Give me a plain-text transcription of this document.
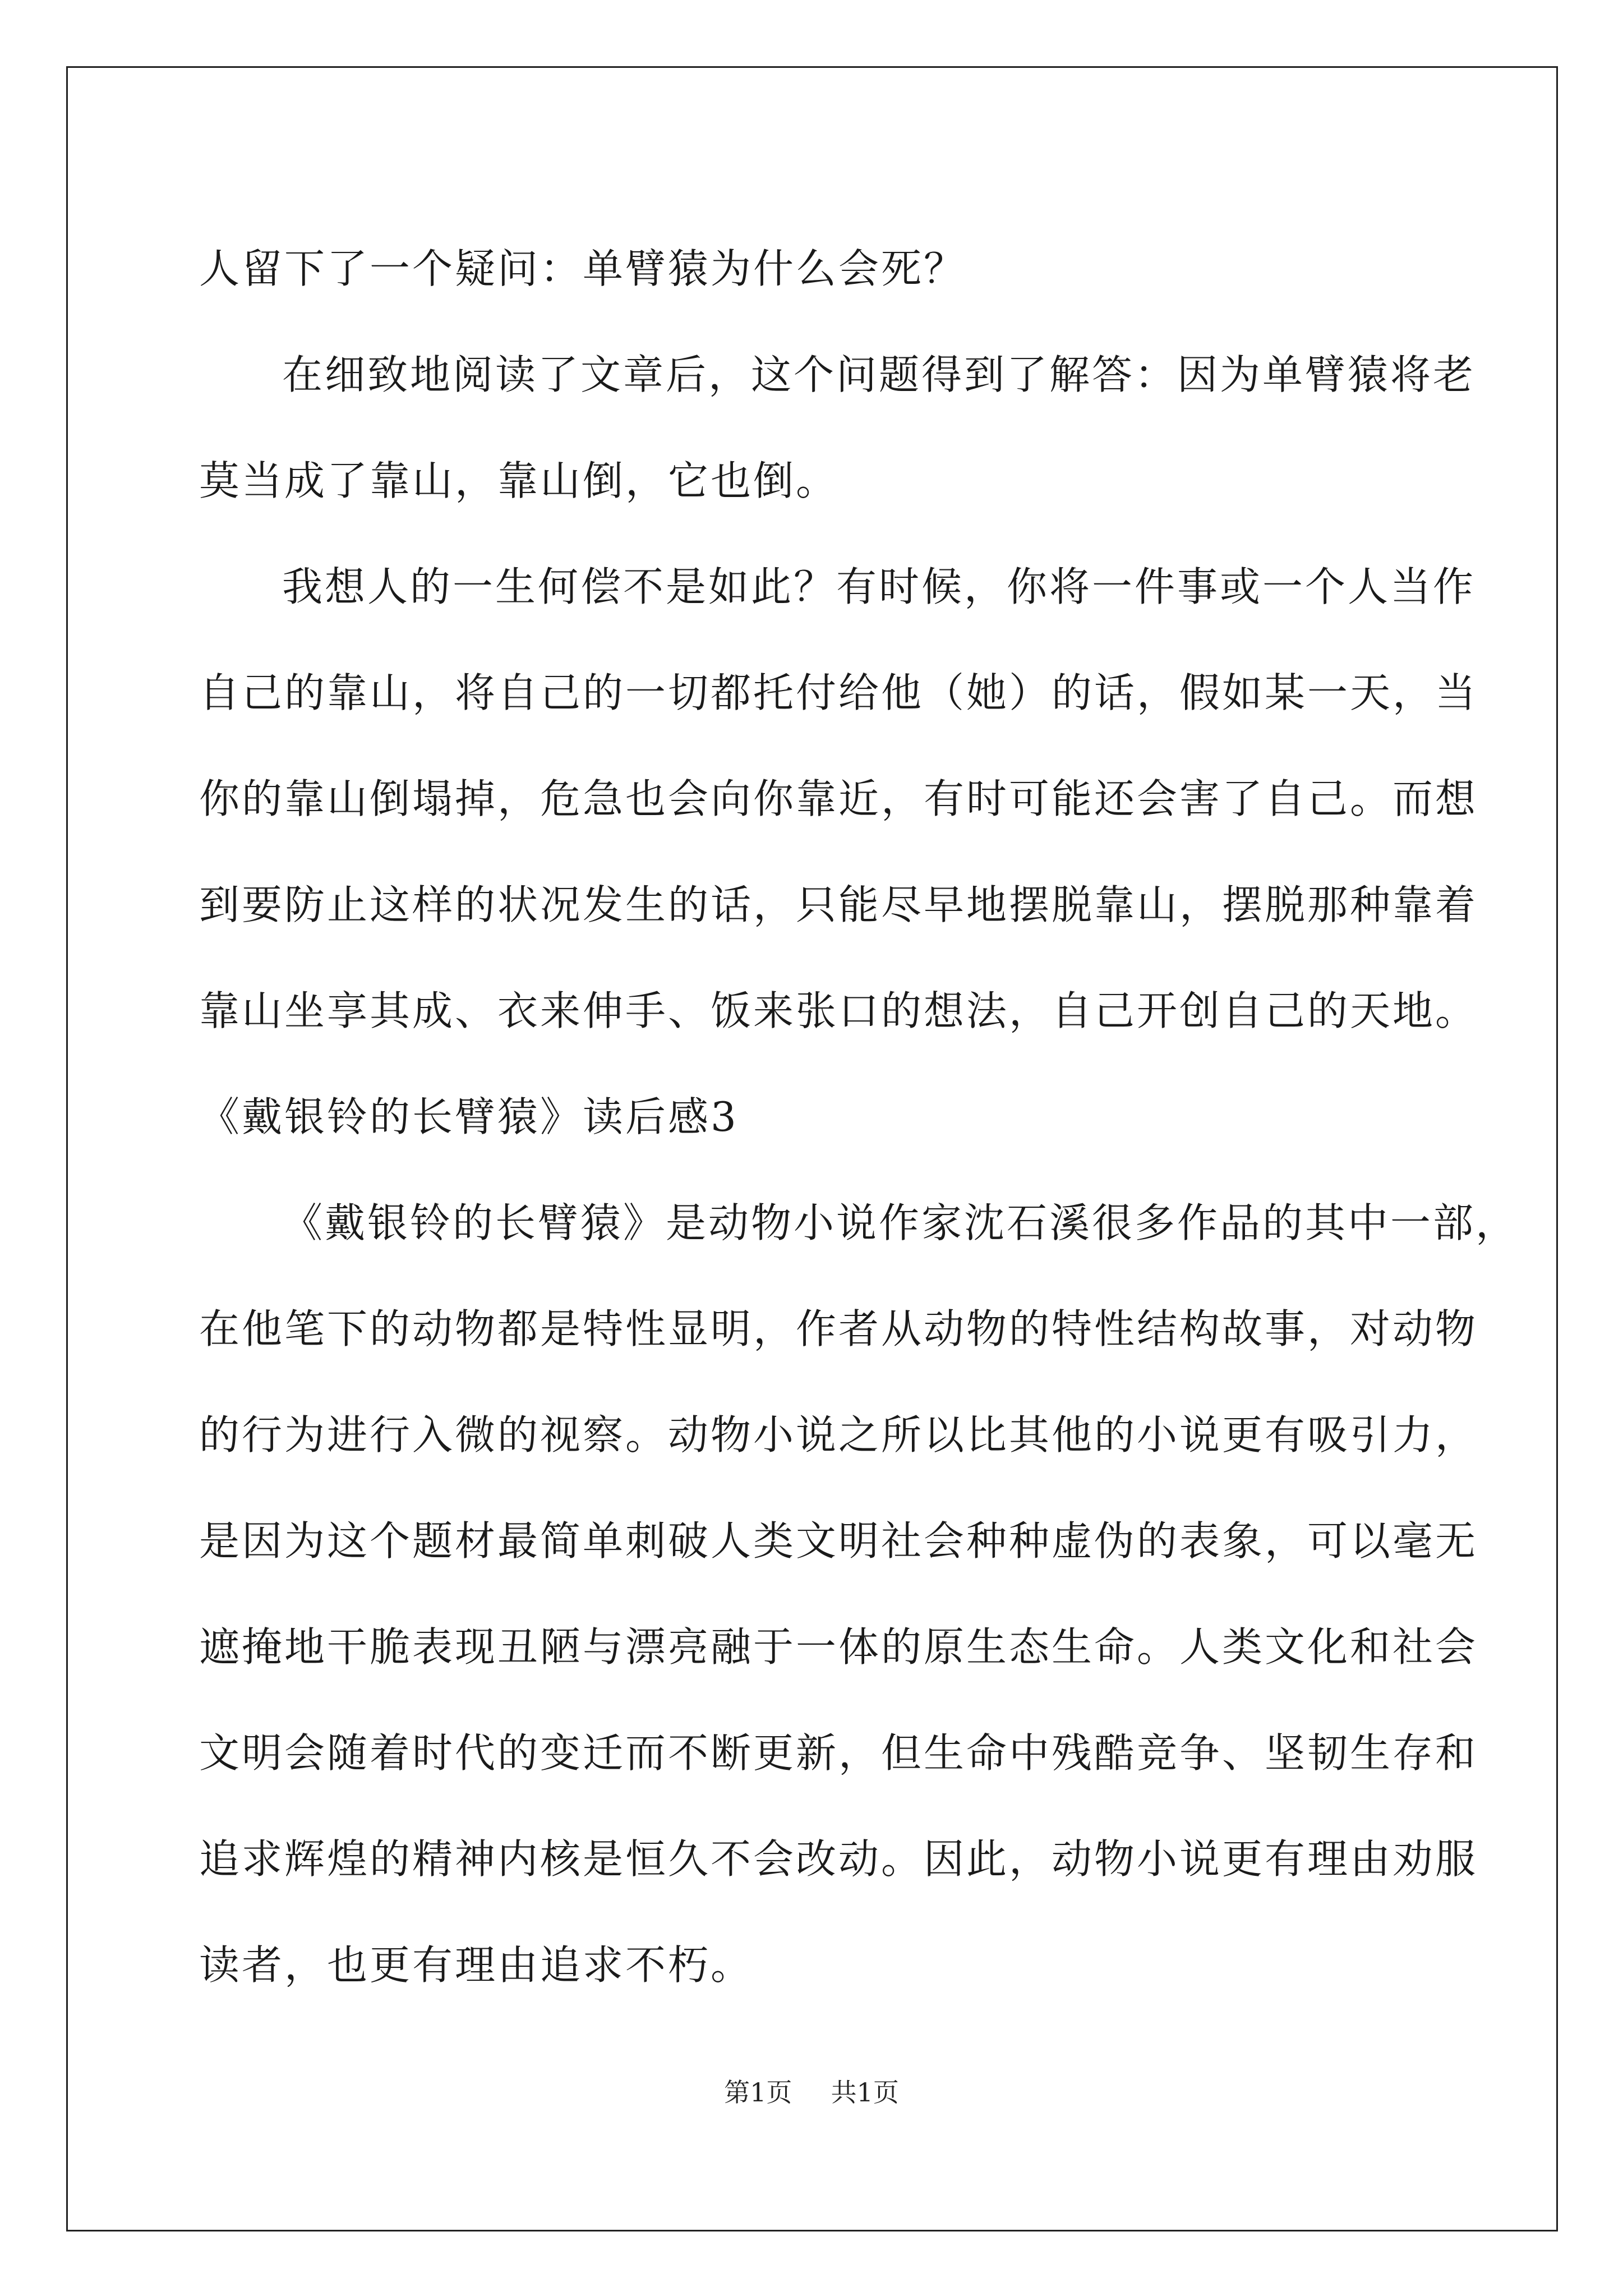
人留下了一个疑问：单臂猿为什么会死？
在细致地阅读了文章后，这个问题得到了解答：因为单臂猿将老
莫当成了靠山，靠山倒，它也倒。
我想人的一生何偿不是如此？有时候，你将一件事或一个人当作
自己的靠山，将自己的一切都托付给他（她）的话，假如某一天，当
你的靠山倒塌掉，危急也会向你靠近，有时可能还会害了自己。而想
到要防止这样的状况发生的话，只能尽早地摆脱靠山，摆脱那种靠着
靠山坐享其成、衣来伸手、饭来张口的想法，自己开创自己的天地。
《戴银铃的长臂猿》读后感3
《戴银铃的长臂猿》是动物小说作家沈石溪很多作品的其中一部，
在他笔下的动物都是特性显明，作者从动物的特性结构故事，对动物
的行为进行入微的视察。动物小说之所以比其他的小说更有吸引力，
是因为这个题材最简单刺破人类文明社会种种虚伪的表象，可以毫无
遮掩地干脆表现丑陋与漂亮融于一体的原生态生命。人类文化和社会
文明会随着时代的变迁而不断更新，但生命中残酷竞争、坚韧生存和
追求辉煌的精神内核是恒久不会改动。因此，动物小说更有理由劝服
读者，也更有理由追求不朽。
第1页 共1页
